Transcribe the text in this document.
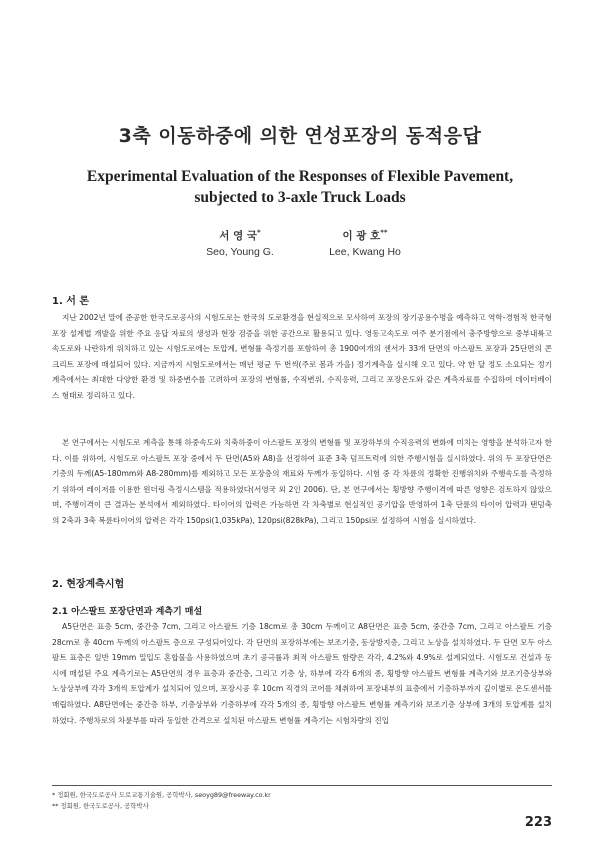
3축 이동하중에 의한 연성포장의 동적응답
Experimental Evaluation of the Responses of Flexible Pavement,
subjected to 3-axle Truck Loads
서 영 국*
Seo, Young G.
이 광 호**
Lee, Kwang Ho
1. 서 론
지난 2002년 말에 준공한 한국도로공사의 시험도로는 한국의 도로환경을 현실적으로 모사하여 포장의 장기공용수명을 예측하고 역학-경험적 한국형 포장 설계법 개발을 위한 주요 응답 자료의 생성과 현장 검증을 위한 공간으로 활용되고 있다. 영동고속도로 여주 분기점에서 충주방향으로 중부내륙고속도로와 나란하게 위치하고 있는 시험도로에는 토압계, 변형률 측정기를 포함하여 총 1900여개의 센서가 33개 단면의 아스팔트 포장과 25단면의 콘크리트 포장에 매설되어 있다. 지금까지 시험도로에서는 매년 평균 두 번씩(주로 봄과 가을) 정기계측을 실시해 오고 있다. 약 한 달 정도 소요되는 정기계측에서는 최대한 다양한 환경 및 하중변수를 고려하여 포장의 변형률, 수직변위, 수직응력, 그리고 포장온도와 같은 계측자료를 수집하여 데이터베이스 형태로 정리하고 있다.
본 연구에서는 시험도로 계측을 통해 하중속도와 치축하중이 아스팔트 포장의 변형률 및 포장하부의 수직응력의 변화에 미치는 영향을 분석하고자 한다. 이를 위하여, 시험도로 아스팔트 포장 중에서 두 단면(A5와 A8)을 선정하여 표준 3축 덤프트럭에 의한 주행시험을 실시하였다. 위의 두 포장단면은 기층의 두께(A5-180mm와 A8-280mm)를 제외하고 모든 포장층의 재료와 두께가 동일하다. 시험 중 각 차륜의 정확한 진행위치와 주행속도를 측정하기 위하여 레이저를 이용한 윈더링 측정시스템을 적용하였다(서영국 외 2인 2006). 단, 본 연구에서는 횡방향 주행이격에 따른 영향은 검토하지 않았으며, 주행이격이 큰 결과는 분석에서 제외하였다. 타이어의 압력은 가능하면 각 차축별로 현실적인 공기압을 반영하여 1축 단륜의 타이어 압력과 탠덤축의 2축과 3축 복륜타이어의 압력은 각각 150psi(1,035kPa), 120psi(828kPa), 그리고 150psi로 설정하여 시험을 실시하였다.
2. 현장계측시험
2.1 아스팔트 포장단면과 계측기 매설
A5단면은 표층 5cm, 중간층 7cm, 그리고 아스팔트 기층 18cm로 총 30cm 두께이고 A8단면은 표층 5cm, 중간층 7cm, 그리고 아스팔트 기층 28cm로 총 40cm 두께의 아스팔트 층으로 구성되어있다. 각 단면의 포장하부에는 보조기층, 동상방지층, 그리고 노상을 설치하였다. 두 단면 모두 아스팔트 표층은 일반 19mm 밀입도 혼합물을 사용하였으며 초기 공극률과 최적 아스팔트 함량은 각각, 4.2%와 4.9%로 설계되었다. 시험도로 건설과 동시에 매설된 주요 계측기로는 A5단면의 경우 표층과 중간층, 그리고 기층 상, 하부에 각각 6개의 종, 횡방향 아스팔트 변형률 계측기와 보조기층상부와 노상상부에 각각 3개씩 토압계가 설치되어 있으며, 포장시공 후 10cm 직경의 코어를 채취하여 포장내부의 표층에서 기층하부까지 깊이별로 온도센서를 매립하였다. A8단면에는 중간층 하부, 기층상부와 기층하부에 각각 5개의 종, 횡방향 아스팔트 변형률 계측기와 보조기층 상부에 3개의 토압계를 설치하였다. 주행차로의 차륜부를 따라 동일한 간격으로 설치된 아스팔트 변형률 계측기는 시험차량의 진입
* 정회원, 한국도로공사 도로교통기술원, 공학박사, seoyg89@freeway.co.kr
** 정회원, 한국도로공사, 공학박사
223
